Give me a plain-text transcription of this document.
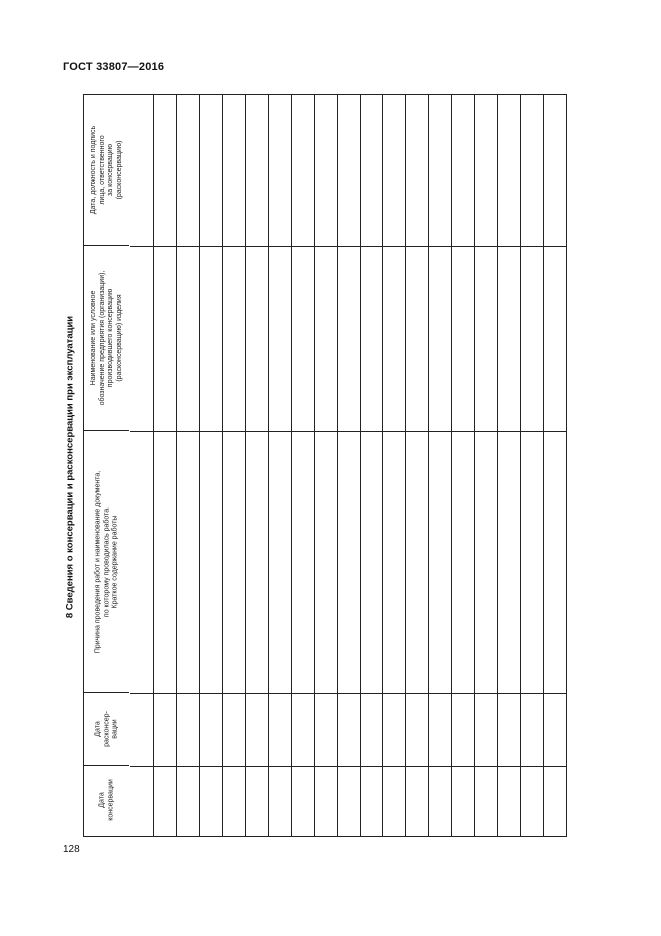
ГОСТ 33807—2016
8 Сведения о консервации и расконсервации при эксплуатации
Дата, должность и подпись лица, ответственного за консервацию (расконсервацию)
Наименование или условное обозначение предприятия (организации), производившего консервацию (расконсервацию) изделия
Причина проведения работ и наименование документа, по которому проводилась работа. Краткое содержание работы
Дата расконсер- вации
Дата консервации
128
